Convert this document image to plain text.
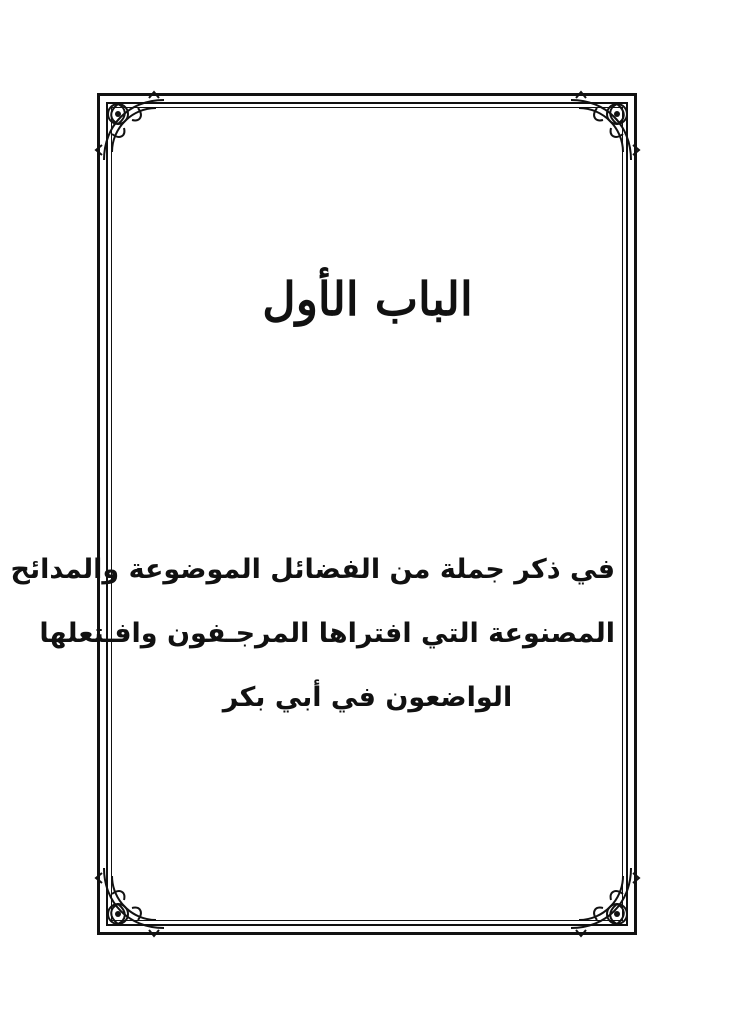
الباب الأول
في ذكر جملة من الفضائل الموضوعة والمدائح
المصنوعة التي افتراها المرجـفون وافـتعلها
الواضعون في أبي بكر
